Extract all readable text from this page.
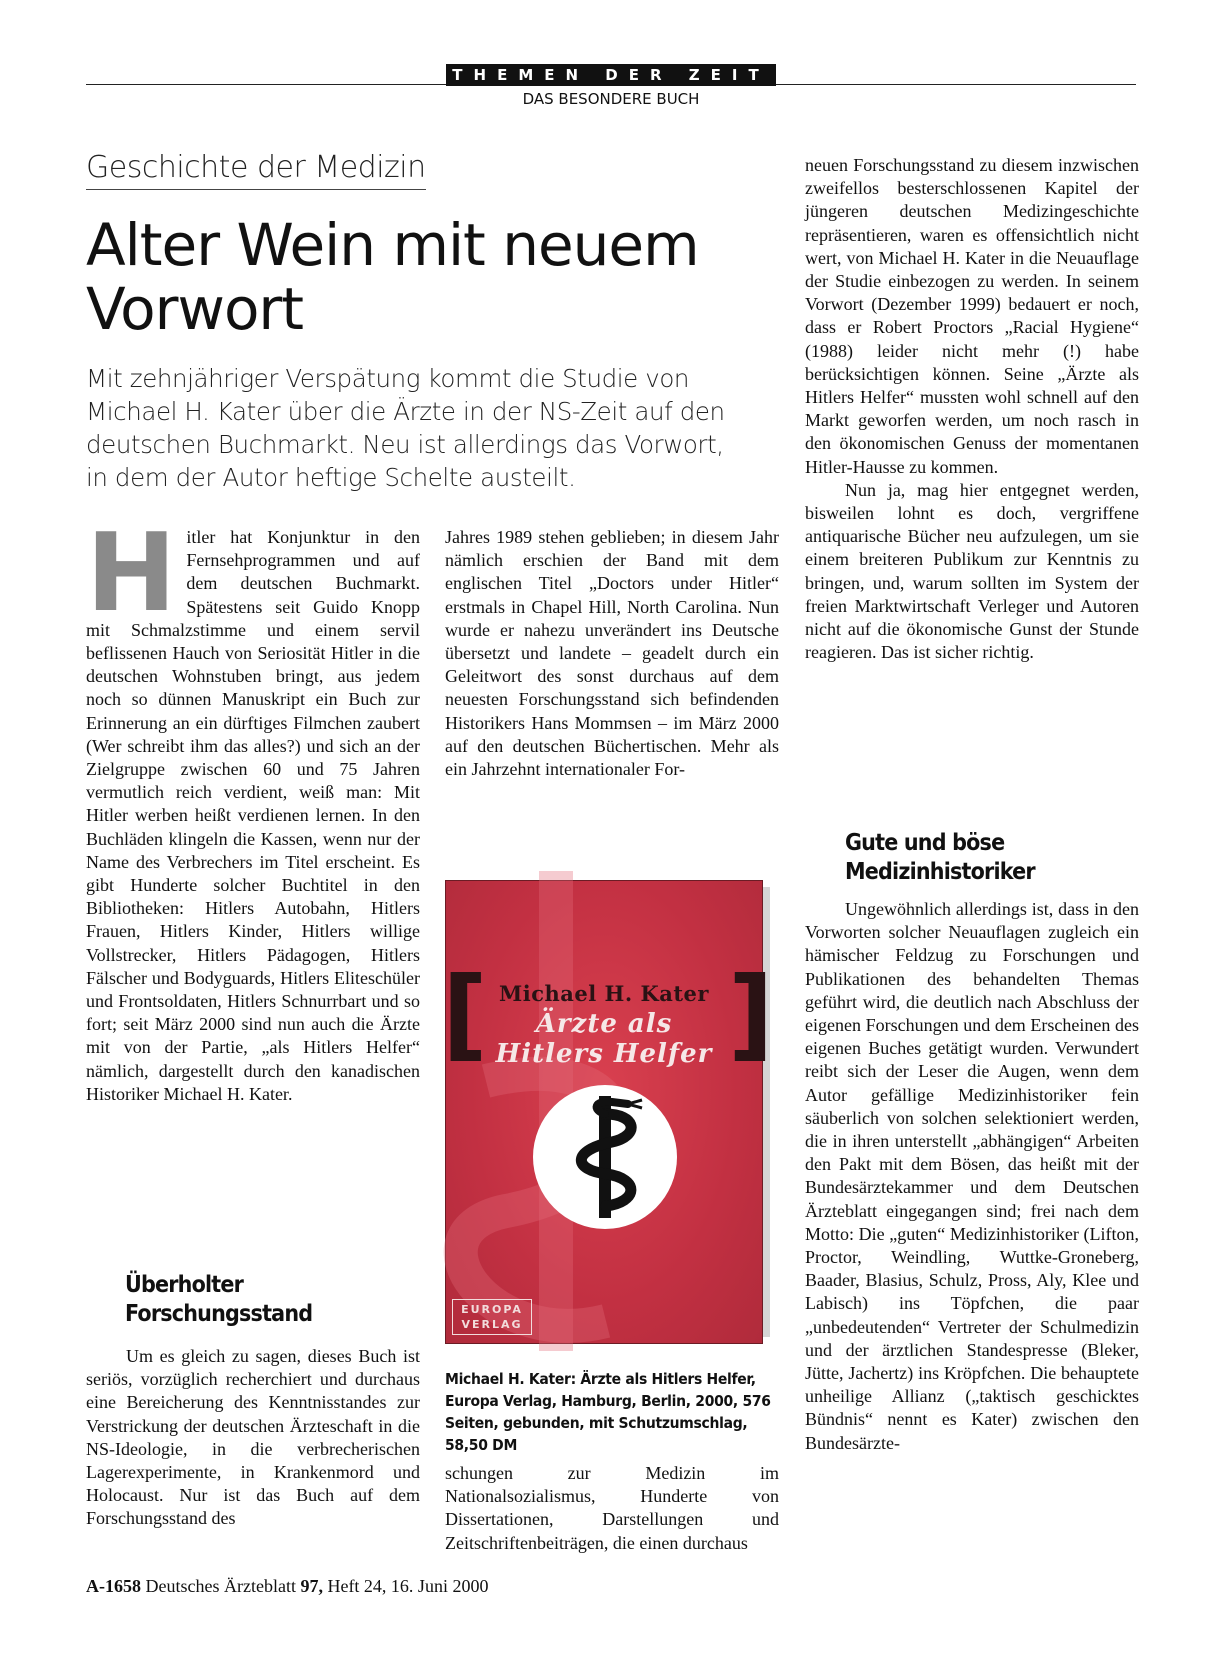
THEMEN DER ZEIT
DAS BESONDERE BUCH
Geschichte der Medizin
Alter Wein mit neuem Vorwort
Mit zehnjähriger Verspätung kommt die Studie von Michael H. Kater über die Ärzte in der NS-Zeit auf den deutschen Buchmarkt. Neu ist allerdings das Vorwort, in dem der Autor heftige Schelte austeilt.
H itler hat Konjunktur in den Fernsehprogrammen und auf dem deutschen Buchmarkt. Spätestens seit Guido Knopp mit Schmalzstimme und einem servil beflissenen Hauch von Seriosität Hitler in die deutschen Wohnstuben bringt, aus jedem noch so dünnen Manuskript ein Buch zur Erinnerung an ein dürftiges Filmchen zaubert (Wer schreibt ihm das alles?) und sich an der Zielgruppe zwischen 60 und 75 Jahren vermutlich reich verdient, weiß man: Mit Hitler werben heißt verdienen lernen. In den Buchläden klingeln die Kassen, wenn nur der Name des Verbrechers im Titel erscheint. Es gibt Hunderte solcher Buchtitel in den Bibliotheken: Hitlers Autobahn, Hitlers Frauen, Hitlers Kinder, Hitlers willige Vollstrecker, Hitlers Pädagogen, Hitlers Fälscher und Bodyguards, Hitlers Eliteschüler und Frontsoldaten, Hitlers Schnurrbart und so fort; seit März 2000 sind nun auch die Ärzte mit von der Partie, „als Hitlers Helfer“ nämlich, dargestellt durch den kanadischen Historiker Michael H. Kater.

Überholter Forschungsstand

Um es gleich zu sagen, dieses Buch ist seriös, vorzüglich recherchiert und durchaus eine Bereicherung des Kenntnisstandes zur Verstrickung der deutschen Ärzteschaft in die NS-Ideologie, in die verbrecherischen Lagerexperimente, in Krankenmord und Holocaust. Nur ist das Buch auf dem Forschungsstand des

Jahres 1989 stehen geblieben; in diesem Jahr nämlich erschien der Band mit dem englischen Titel „Doctors under Hitler“ erstmals in Chapel Hill, North Carolina. Nun wurde er nahezu unverändert ins Deutsche übersetzt und landete – geadelt durch ein Geleitwort des sonst durchaus auf dem neuesten Forschungsstand sich befindenden Historikers Hans Mommsen – im März 2000 auf den deutschen Büchertischen. Mehr als ein Jahrzehnt internationaler For-

[ ]
Michael H. Kater
Ärzte als
Hitlers Helfer
EUROPA
VERLAG
Michael H. Kater: Ärzte als Hitlers Helfer, Europa Verlag, Hamburg, Berlin, 2000, 576 Seiten, gebunden, mit Schutzumschlag, 58,50 DM

schungen zur Medizin im Nationalsozialismus, Hunderte von Dissertationen, Darstellungen und Zeitschriftenbeiträgen, die einen durchaus

neuen Forschungsstand zu diesem inzwischen zweifellos besterschlossenen Kapitel der jüngeren deutschen Medizingeschichte repräsentieren, waren es offensichtlich nicht wert, von Michael H. Kater in die Neuauflage der Studie einbezogen zu werden. In seinem Vorwort (Dezember 1999) bedauert er noch, dass er Robert Proctors „Racial Hygiene“ (1988) leider nicht mehr (!) habe berücksichtigen können. Seine „Ärzte als Hitlers Helfer“ mussten wohl schnell auf den Markt geworfen werden, um noch rasch in den ökonomischen Genuss der momentanen Hitler-Hausse zu kommen.

Nun ja, mag hier entgegnet werden, bisweilen lohnt es doch, vergriffene antiquarische Bücher neu aufzulegen, um sie einem breiteren Publikum zur Kenntnis zu bringen, und, warum sollten im System der freien Marktwirtschaft Verleger und Autoren nicht auf die ökonomische Gunst der Stunde reagieren. Das ist sicher richtig.

Gute und böse Medizinhistoriker

Ungewöhnlich allerdings ist, dass in den Vorworten solcher Neuauflagen zugleich ein hämischer Feldzug zu Forschungen und Publikationen des behandelten Themas geführt wird, die deutlich nach Abschluss der eigenen Forschungen und dem Erscheinen des eigenen Buches getätigt wurden. Verwundert reibt sich der Leser die Augen, wenn dem Autor gefällige Medizinhistoriker fein säuberlich von solchen selektioniert werden, die in ihren unterstellt „abhängigen“ Arbeiten den Pakt mit dem Bösen, das heißt mit der Bundesärztekammer und dem Deutschen Ärzteblatt eingegangen sind; frei nach dem Motto: Die „guten“ Medizinhistoriker (Lifton, Proctor, Weindling, Wuttke-Groneberg, Baader, Blasius, Schulz, Pross, Aly, Klee und Labisch) ins Töpfchen, die paar „unbedeutenden“ Vertreter der Schulmedizin und der ärztlichen Standespresse (Bleker, Jütte, Jachertz) ins Kröpfchen. Die behauptete unheilige Allianz („taktisch geschicktes Bündnis“ nennt es Kater) zwischen den Bundesärzte-

A-1658 Deutsches Ärzteblatt 97, Heft 24, 16. Juni 2000
